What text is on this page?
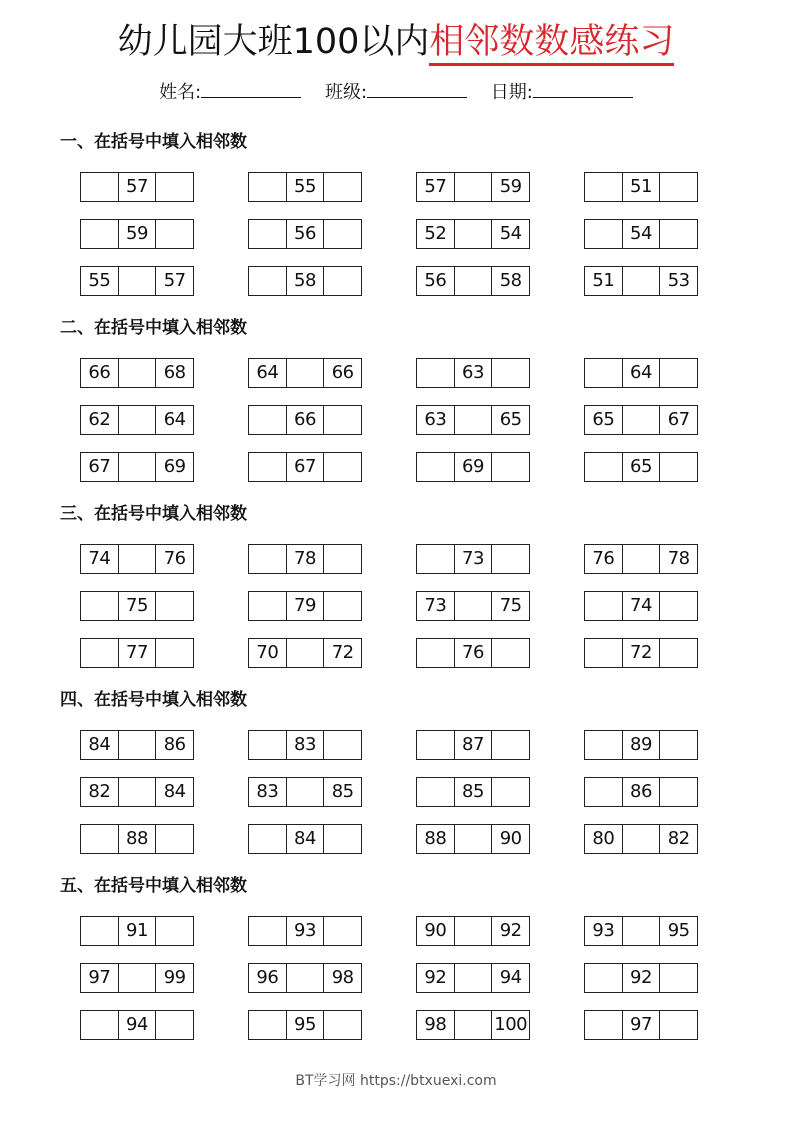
幼儿园大班100以内相邻数数感练习
姓名:	班级:	日期:
一、在括号中填入相邻数
57	55	57	59	51
59	56	52	54	54
55	57	58	56	58	51	53
二、在括号中填入相邻数
66	68	64	66	63	64
62	64	66	63	65	65	67
67	69	67	69	65
三、在括号中填入相邻数
74	76	78	73	76	78
75	79	73	75	74
77	70	72	76	72
四、在括号中填入相邻数
84	86	83	87	89
82	84	83	85	85	86
88	84	88	90	80	82
五、在括号中填入相邻数
91	93	90	92	93	95
97	99	96	98	92	94	92
94	95	98	100	97
BT学习网 https://btxuexi.com
